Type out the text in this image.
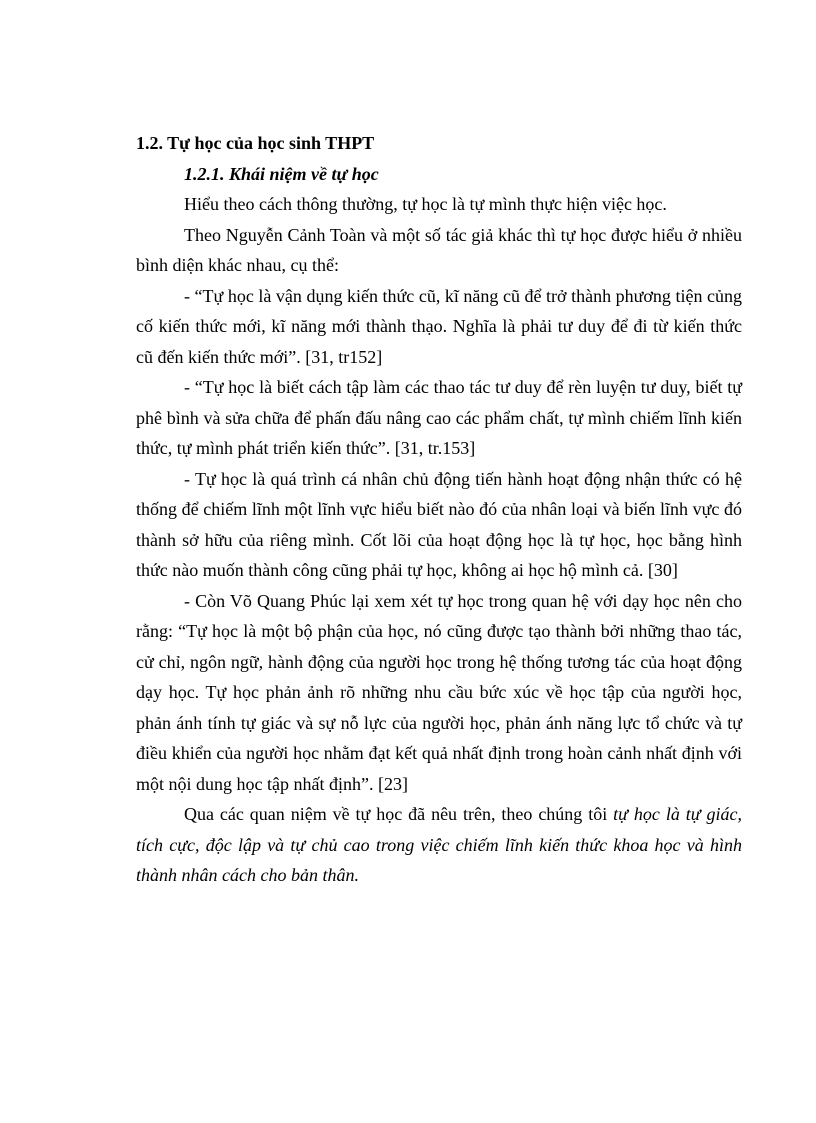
1.2. Tự học của học sinh THPT

1.2.1. Khái niệm về tự học

Hiểu theo cách thông thường, tự học là tự mình thực hiện việc học.

Theo Nguyễn Cảnh Toàn và một số tác giả khác thì tự học được hiểu ở nhiều bình diện khác nhau, cụ thể:

- “Tự học là vận dụng kiến thức cũ, kĩ năng cũ để trở thành phương tiện củng cố kiến thức mới, kĩ năng mới thành thạo. Nghĩa là phải tư duy để đi từ kiến thức cũ đến kiến thức mới”. [31, tr152]

- “Tự học là biết cách tập làm các thao tác tư duy để rèn luyện tư duy, biết tự phê bình và sửa chữa để phấn đấu nâng cao các phẩm chất, tự mình chiếm lĩnh kiến thức, tự mình phát triển kiến thức”. [31, tr.153]

- Tự học là quá trình cá nhân chủ động tiến hành hoạt động nhận thức có hệ thống để chiếm lĩnh một lĩnh vực hiểu biết nào đó của nhân loại và biến lĩnh vực đó thành sở hữu của riêng mình. Cốt lõi của hoạt động học là tự học, học bằng hình thức nào muốn thành công cũng phải tự học, không ai học hộ mình cả. [30]

- Còn Võ Quang Phúc lại xem xét tự học trong quan hệ với dạy học nên cho rằng: “Tự học là một bộ phận của học, nó cũng được tạo thành bởi những thao tác, cử chỉ, ngôn ngữ, hành động của người học trong hệ thống tương tác của hoạt động dạy học. Tự học phản ảnh rõ những nhu cầu bức xúc về học tập của người học, phản ánh tính tự giác và sự nỗ lực của người học, phản ánh năng lực tổ chức và tự điều khiển của người học nhằm đạt kết quả nhất định trong hoàn cảnh nhất định với một nội dung học tập nhất định”. [23]

Qua các quan niệm về tự học đã nêu trên, theo chúng tôi tự học là tự giác, tích cực, độc lập và tự chủ cao trong việc chiếm lĩnh kiến thức khoa học và hình thành nhân cách cho bản thân.
